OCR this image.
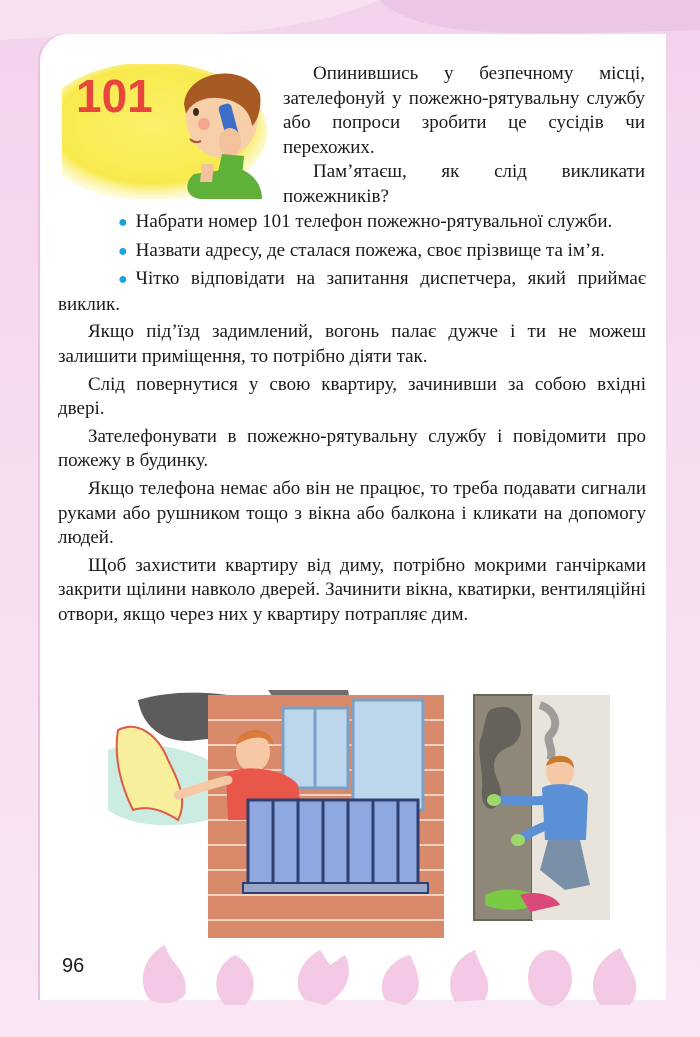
101	Опинившись у безпечному місці, зателефонуй у пожежно-рятувальну службу або попроси зробити це сусідів чи перехожих.

Пам’ятаєш, як слід викликати пожежників?

● Набрати номер 101 телефон пожежно-рятувальної служби.

● Назвати адресу, де сталася пожежа, своє прізвище та ім’я.

● Чітко відповідати на запитання диспетчера, який приймає виклик.

Якщо під’їзд задимлений, вогонь палає дужче і ти не можеш залишити приміщення, то потрібно діяти так.

Слід повернутися у свою квартиру, зачинивши за собою вхідні двері.

Зателефонувати в пожежно-рятувальну службу і повідомити про пожежу в будинку.

Якщо телефона немає або він не працює, то треба подавати сигнали руками або рушником тощо з вікна або балкона і кликати на допомогу людей.

Щоб захистити квартиру від диму, потрібно мокрими ганчірками закрити щілини навколо дверей. Зачинити вікна, кватирки, вентиляційні отвори, якщо через них у квартиру потрапляє дим.

96
